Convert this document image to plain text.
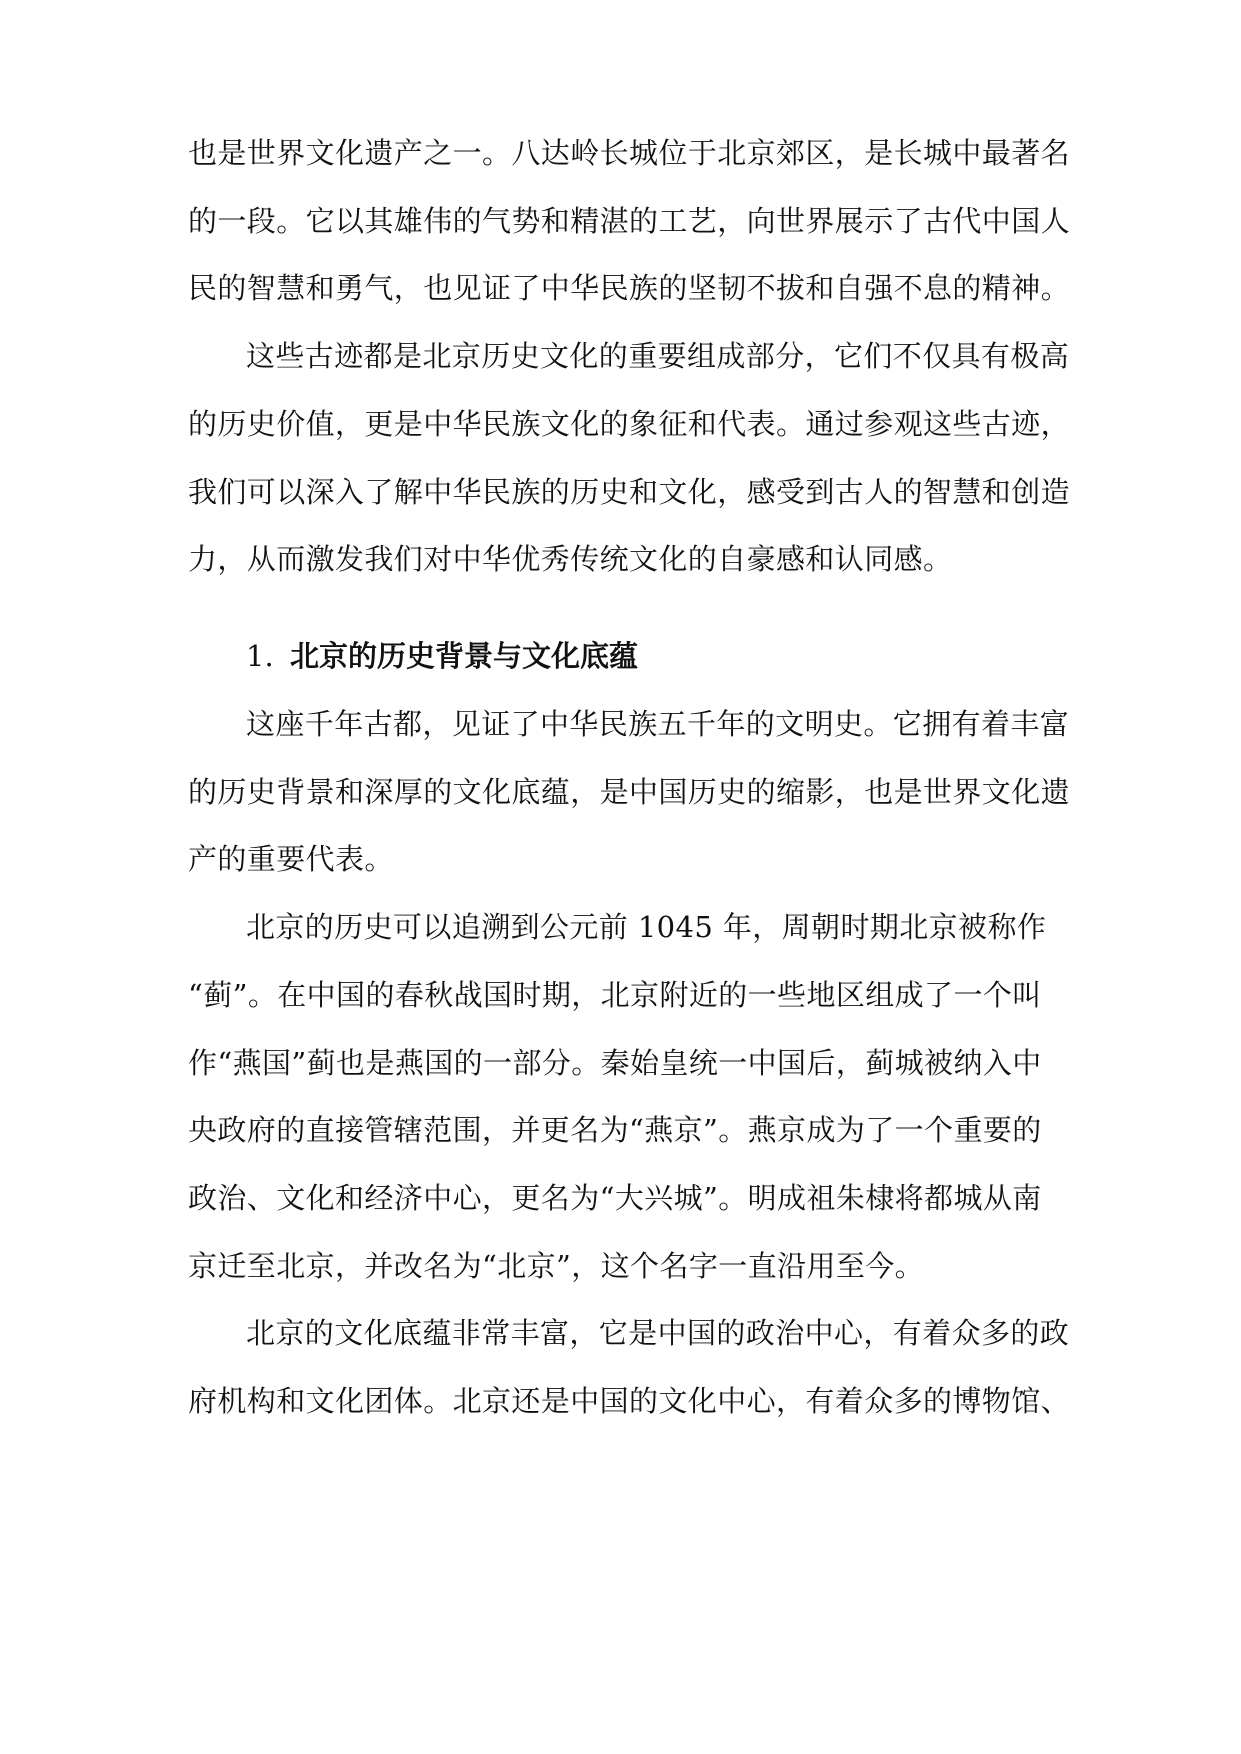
也是世界文化遗产之一。八达岭长城位于北京郊区，是长城中最著名
的一段。它以其雄伟的气势和精湛的工艺，向世界展示了古代中国人
民的智慧和勇气，也见证了中华民族的坚韧不拔和自强不息的精神。
这些古迹都是北京历史文化的重要组成部分，它们不仅具有极高
的历史价值，更是中华民族文化的象征和代表。通过参观这些古迹，
我们可以深入了解中华民族的历史和文化，感受到古人的智慧和创造
力，从而激发我们对中华优秀传统文化的自豪感和认同感。
1. 北京的历史背景与文化底蕴
这座千年古都，见证了中华民族五千年的文明史。它拥有着丰富
的历史背景和深厚的文化底蕴，是中国历史的缩影，也是世界文化遗
产的重要代表。
北京的历史可以追溯到公元前 1045 年，周朝时期北京被称作
“蓟”。在中国的春秋战国时期，北京附近的一些地区组成了一个叫
作“燕国”蓟也是燕国的一部分。秦始皇统一中国后，蓟城被纳入中
央政府的直接管辖范围，并更名为“燕京”。燕京成为了一个重要的
政治、文化和经济中心，更名为“大兴城”。明成祖朱棣将都城从南
京迁至北京，并改名为“北京”，这个名字一直沿用至今。
北京的文化底蕴非常丰富，它是中国的政治中心，有着众多的政
府机构和文化团体。北京还是中国的文化中心，有着众多的博物馆、
